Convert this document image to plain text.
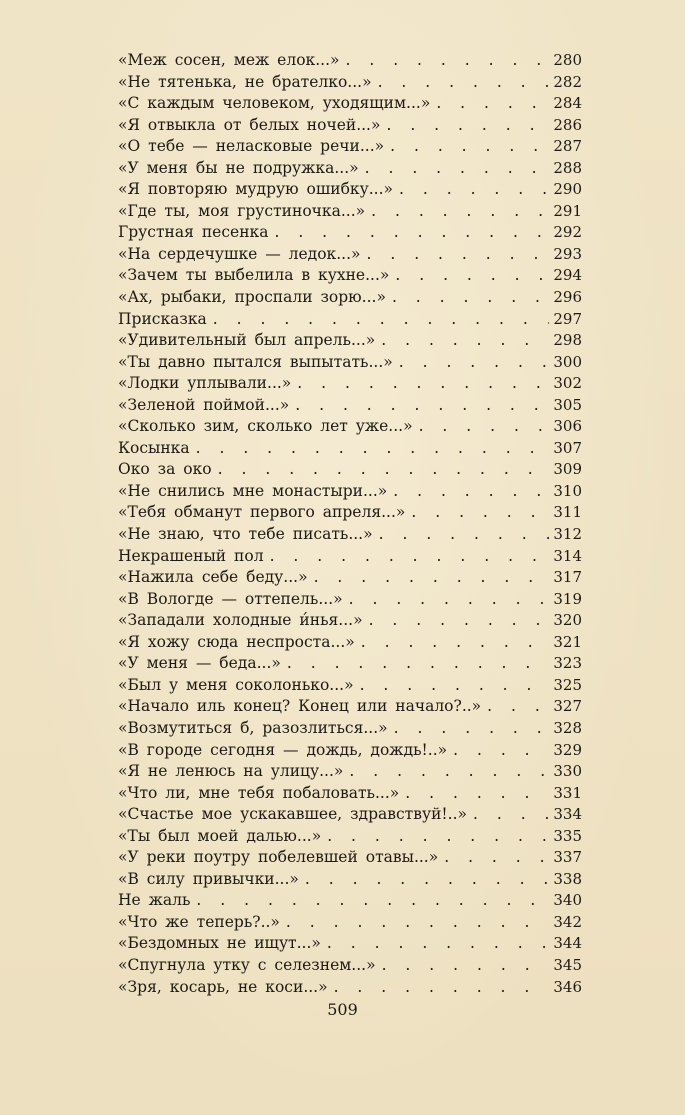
«Меж сосен, меж елок...» . . .	280
«Не тятенька, не брателко...» . . .	282
«С каждым человеком, уходящим...» . . .	284
«Я отвыкла от белых ночей...» . . .	286
«О тебе — неласковые речи...» . . .	287
«У меня бы не подружка...» . . .	288
«Я повторяю мудрую ошибку...» . . .	290
«Где ты, моя грустиночка...» . . .	291
Грустная песенка . . .	292
«На сердечушке — ледок...» . . .	293
«Зачем ты выбелила в кухне...» . . .	294
«Ах, рыбаки, проспали зорю...» . . .	296
Присказка . . .	297
«Удивительный был апрель...» . . .	298
«Ты давно пытался выпытать...» . . .	300
«Лодки уплывали...» . . .	302
«Зеленой поймой...» . . .	305
«Сколько зим, сколько лет уже...» . . .	306
Косынка . . .	307
Око за око . . .	309
«Не снились мне монастыри...» . . .	310
«Тебя обманут первого апреля...» . . .	311
«Не знаю, что тебе писать...» . . .	312
Некрашеный пол . . .	314
«Нажила себе беду...» . . .	317
«В Вологде — оттепель...» . . .	319
«Западали холодные и́нья...» . . .	320
«Я хожу сюда неспроста...» . . .	321
«У меня — беда...» . . .	323
«Был у меня соколонько...» . . .	325
«Начало иль конец? Конец или начало?..» . . .	327
«Возмутиться б, разозлиться...» . . .	328
«В городе сегодня — дождь, дождь!..» . . .	329
«Я не ленюсь на улицу...» . . .	330
«Что ли, мне тебя побаловать...» . . .	331
«Счастье мое ускакавшее, здравствуй!..» . . .	334
«Ты был моей далью...» . . .	335
«У реки поутру побелевшей отавы...» . . .	337
«В силу привычки...» . . .	338
Не жаль . . .	340
«Что же теперь?..» . . .	342
«Бездомных не ищут...» . . .	344
«Спугнула утку с селезнем...» . . .	345
«Зря, косарь, не коси...» . . .	346
509
